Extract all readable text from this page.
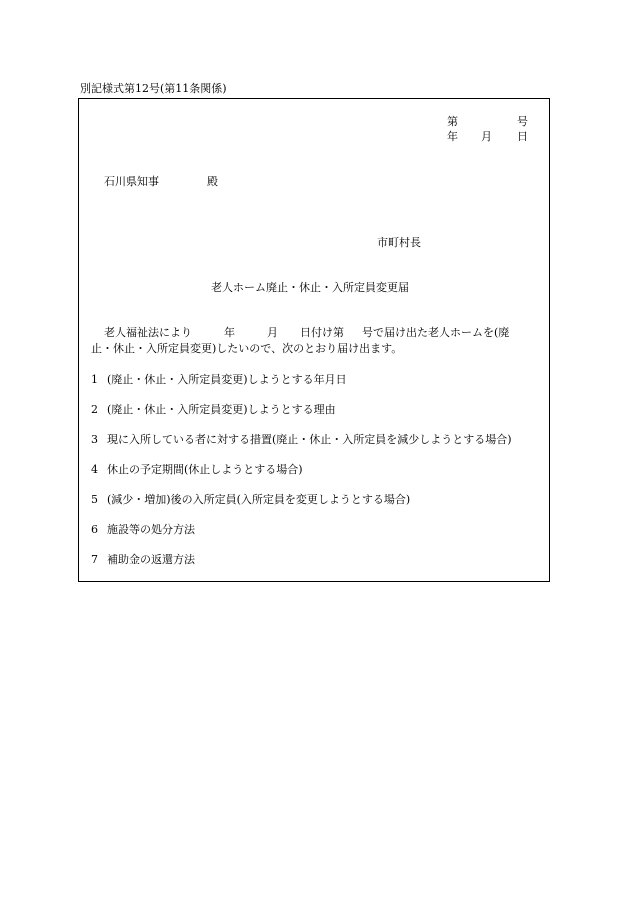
別記様式第12号(第11条関係)
第	号
年 月 日
石川県知事	殿
市町村長
老人ホーム廃止・休止・入所定員変更届
老人福祉法により	年	月 日付け第 号で届け出た老人ホームを(廃
止・休止・入所定員変更)したいので、次のとおり届け出ます。
1 (廃止・休止・入所定員変更)しようとする年月日
2 (廃止・休止・入所定員変更)しようとする理由
3 現に入所している者に対する措置(廃止・休止・入所定員を減少しようとする場合)
4 休止の予定期間(休止しようとする場合)
5 (減少・増加)後の入所定員(入所定員を変更しようとする場合)
6 施設等の処分方法
7 補助金の返還方法
